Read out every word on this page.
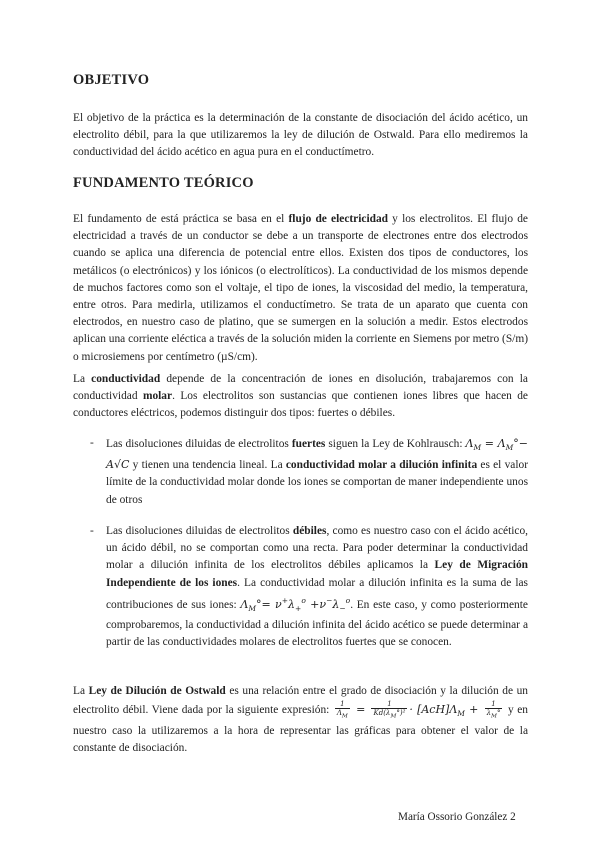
OBJETIVO

El objetivo de la práctica es la determinación de la constante de disociación del ácido acético, un electrolito débil, para la que utilizaremos la ley de dilución de Ostwald. Para ello mediremos la conductividad del ácido acético en agua pura en el conductímetro.

FUNDAMENTO TEÓRICO

El fundamento de está práctica se basa en el flujo de electricidad y los electrolitos. El flujo de electricidad a través de un conductor se debe a un transporte de electrones entre dos electrodos cuando se aplica una diferencia de potencial entre ellos. Existen dos tipos de conductores, los metálicos (o electrónicos) y los iónicos (o electrolíticos). La conductividad de los mismos depende de muchos factores como son el voltaje, el tipo de iones, la viscosidad del medio, la temperatura, entre otros. Para medirla, utilizamos el conductímetro. Se trata de un aparato que cuenta con electrodos, en nuestro caso de platino, que se sumergen en la solución a medir. Estos electrodos aplican una corriente eléctica a través de la solución miden la corriente en Siemens por metro (S/m) o microsiemens por centímetro (µS/cm).

La conductividad depende de la concentración de iones en disolución, trabajaremos con la conductividad molar. Los electrolitos son sustancias que contienen iones libres que hacen de conductores eléctricos, podemos distinguir dos tipos: fuertes o débiles.

- Las disoluciones diluidas de electrolitos fuertes siguen la Ley de Kohlrausch: $\Lambda_M = \Lambda_M^\circ- A√C$ y tienen una tendencia lineal. La conductividad molar a dilución infinita es el valor límite de la conductividad molar donde los iones se comportan de maner independiente unos de otros
- Las disoluciones diluidas de electrolitos débiles, como es nuestro caso con el ácido acético, un ácido débil, no se comportan como una recta. Para poder determinar la conductividad molar a dilución infinita de los electrolitos débiles aplicamos la Ley de Migración Independiente de los iones. La conductividad molar a dilución infinita es la suma de las contribuciones de sus iones: $\Lambda_M^\circ= \nu^+\lambda_+^o +\nu^-\lambda_-^o$. En este caso, y como posteriormente comprobaremos, la conductividad a dilución infinita del ácido acético se puede determinar a partir de las conductividades molares de electrolitos fuertes que se conocen.

La Ley de Dilución de Ostwald es una relación entre el grado de disociación y la dilución de un electrolito débil. Viene dada por la siguiente expresión: $\frac{1}{\Lambda_M} = \frac{1}{Kd(\lambda_M^\circ)^2} \cdot [AcH]\Lambda_M + \frac{1}{\lambda_M^\circ}$ y en nuestro caso la utilizaremos a la hora de representar las gráficas para obtener el valor de la constante de disociación.

María Ossorio González 2
